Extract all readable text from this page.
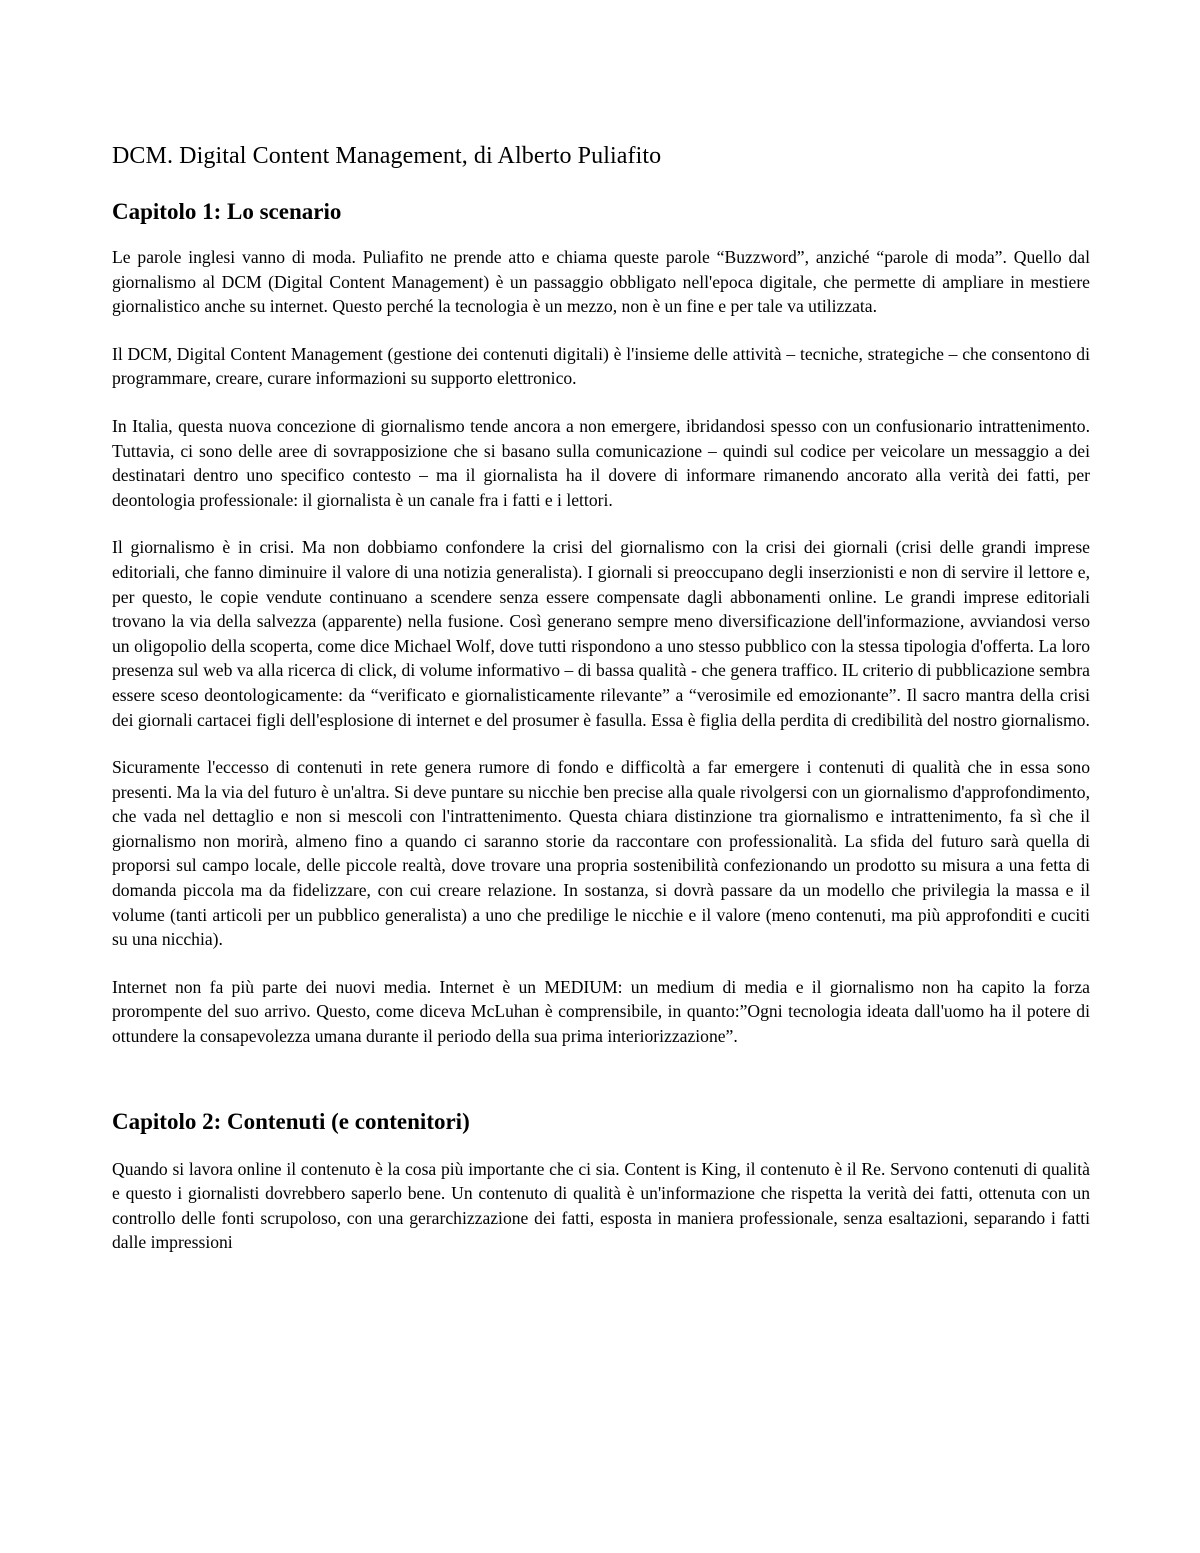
DCM. Digital Content Management, di Alberto Puliafito
Capitolo 1: Lo scenario

Le parole inglesi vanno di moda. Puliafito ne prende atto e chiama queste parole “Buzzword”, anziché “parole di moda”. Quello dal giornalismo al DCM (Digital Content Management) è un passaggio obbligato nell'epoca digitale, che permette di ampliare in mestiere giornalistico anche su internet. Questo perché la tecnologia è un mezzo, non è un fine e per tale va utilizzata.

Il DCM, Digital Content Management (gestione dei contenuti digitali) è l'insieme delle attività – tecniche, strategiche – che consentono di programmare, creare, curare informazioni su supporto elettronico.

In Italia, questa nuova concezione di giornalismo tende ancora a non emergere, ibridandosi spesso con un confusionario intrattenimento. Tuttavia, ci sono delle aree di sovrapposizione che si basano sulla comunicazione – quindi sul codice per veicolare un messaggio a dei destinatari dentro uno specifico contesto – ma il giornalista ha il dovere di informare rimanendo ancorato alla verità dei fatti, per deontologia professionale: il giornalista è un canale fra i fatti e i lettori.

Il giornalismo è in crisi. Ma non dobbiamo confondere la crisi del giornalismo con la crisi dei giornali (crisi delle grandi imprese editoriali, che fanno diminuire il valore di una notizia generalista). I giornali si preoccupano degli inserzionisti e non di servire il lettore e, per questo, le copie vendute continuano a scendere senza essere compensate dagli abbonamenti online. Le grandi imprese editoriali trovano la via della salvezza (apparente) nella fusione. Così generano sempre meno diversificazione dell'informazione, avviandosi verso un oligopolio della scoperta, come dice Michael Wolf, dove tutti rispondono a uno stesso pubblico con la stessa tipologia d'offerta. La loro presenza sul web va alla ricerca di click, di volume informativo – di bassa qualità - che genera traffico. IL criterio di pubblicazione sembra essere sceso deontologicamente: da “verificato e giornalisticamente rilevante” a “verosimile ed emozionante”. Il sacro mantra della crisi dei giornali cartacei figli dell'esplosione di internet e del prosumer è fasulla. Essa è figlia della perdita di credibilità del nostro giornalismo.

Sicuramente l'eccesso di contenuti in rete genera rumore di fondo e difficoltà a far emergere i contenuti di qualità che in essa sono presenti. Ma la via del futuro è un'altra. Si deve puntare su nicchie ben precise alla quale rivolgersi con un giornalismo d'approfondimento, che vada nel dettaglio e non si mescoli con l'intrattenimento. Questa chiara distinzione tra giornalismo e intrattenimento, fa sì che il giornalismo non morirà, almeno fino a quando ci saranno storie da raccontare con professionalità. La sfida del futuro sarà quella di proporsi sul campo locale, delle piccole realtà, dove trovare una propria sostenibilità confezionando un prodotto su misura a una fetta di domanda piccola ma da fidelizzare, con cui creare relazione. In sostanza, si dovrà passare da un modello che privilegia la massa e il volume (tanti articoli per un pubblico generalista) a uno che predilige le nicchie e il valore (meno contenuti, ma più approfonditi e cuciti su una nicchia).

Internet non fa più parte dei nuovi media. Internet è un MEDIUM: un medium di media e il giornalismo non ha capito la forza prorompente del suo arrivo. Questo, come diceva McLuhan è comprensibile, in quanto:”Ogni tecnologia ideata dall'uomo ha il potere di ottundere la consapevolezza umana durante il periodo della sua prima interiorizzazione”.

Capitolo 2: Contenuti (e contenitori)

Quando si lavora online il contenuto è la cosa più importante che ci sia. Content is King, il contenuto è il Re. Servono contenuti di qualità e questo i giornalisti dovrebbero saperlo bene. Un contenuto di qualità è un'informazione che rispetta la verità dei fatti, ottenuta con un controllo delle fonti scrupoloso, con una gerarchizzazione dei fatti, esposta in maniera professionale, senza esaltazioni, separando i fatti dalle impressioni
